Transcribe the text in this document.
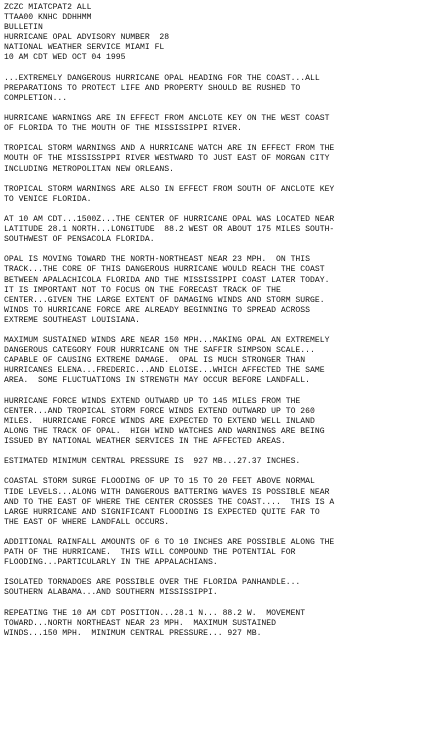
ZCZC MIATCPAT2 ALL
TTAA00 KNHC DDHHMM
BULLETIN
HURRICANE OPAL ADVISORY NUMBER  28
NATIONAL WEATHER SERVICE MIAMI FL
10 AM CDT WED OCT 04 1995
...EXTREMELY DANGEROUS HURRICANE OPAL HEADING FOR THE COAST...ALL
PREPARATIONS TO PROTECT LIFE AND PROPERTY SHOULD BE RUSHED TO
COMPLETION...
HURRICANE WARNINGS ARE IN EFFECT FROM ANCLOTE KEY ON THE WEST COAST
OF FLORIDA TO THE MOUTH OF THE MISSISSIPPI RIVER.
TROPICAL STORM WARNINGS AND A HURRICANE WATCH ARE IN EFFECT FROM THE
MOUTH OF THE MISSISSIPPI RIVER WESTWARD TO JUST EAST OF MORGAN CITY
INCLUDING METROPOLITAN NEW ORLEANS.
TROPICAL STORM WARNINGS ARE ALSO IN EFFECT FROM SOUTH OF ANCLOTE KEY
TO VENICE FLORIDA.
AT 10 AM CDT...1500Z...THE CENTER OF HURRICANE OPAL WAS LOCATED NEAR
LATITUDE 28.1 NORTH...LONGITUDE  88.2 WEST OR ABOUT 175 MILES SOUTH-
SOUTHWEST OF PENSACOLA FLORIDA.
OPAL IS MOVING TOWARD THE NORTH-NORTHEAST NEAR 23 MPH.  ON THIS
TRACK...THE CORE OF THIS DANGEROUS HURRICANE WOULD REACH THE COAST
BETWEEN APALACHICOLA FLORIDA AND THE MISSISSIPPI COAST LATER TODAY.
IT IS IMPORTANT NOT TO FOCUS ON THE FORECAST TRACK OF THE
CENTER...GIVEN THE LARGE EXTENT OF DAMAGING WINDS AND STORM SURGE.
WINDS TO HURRICANE FORCE ARE ALREADY BEGINNING TO SPREAD ACROSS
EXTREME SOUTHEAST LOUISIANA.
MAXIMUM SUSTAINED WINDS ARE NEAR 150 MPH...MAKING OPAL AN EXTREMELY
DANGEROUS CATEGORY FOUR HURRICANE ON THE SAFFIR SIMPSON SCALE...
CAPABLE OF CAUSING EXTREME DAMAGE.  OPAL IS MUCH STRONGER THAN
HURRICANES ELENA...FREDERIC...AND ELOISE...WHICH AFFECTED THE SAME
AREA.  SOME FLUCTUATIONS IN STRENGTH MAY OCCUR BEFORE LANDFALL.
HURRICANE FORCE WINDS EXTEND OUTWARD UP TO 145 MILES FROM THE
CENTER...AND TROPICAL STORM FORCE WINDS EXTEND OUTWARD UP TO 260
MILES.  HURRICANE FORCE WINDS ARE EXPECTED TO EXTEND WELL INLAND
ALONG THE TRACK OF OPAL.  HIGH WIND WATCHES AND WARNINGS ARE BEING
ISSUED BY NATIONAL WEATHER SERVICES IN THE AFFECTED AREAS.
ESTIMATED MINIMUM CENTRAL PRESSURE IS  927 MB...27.37 INCHES.
COASTAL STORM SURGE FLOODING OF UP TO 15 TO 20 FEET ABOVE NORMAL
TIDE LEVELS...ALONG WITH DANGEROUS BATTERING WAVES IS POSSIBLE NEAR
AND TO THE EAST OF WHERE THE CENTER CROSSES THE COAST....  THIS IS A
LARGE HURRICANE AND SIGNIFICANT FLOODING IS EXPECTED QUITE FAR TO
THE EAST OF WHERE LANDFALL OCCURS.
ADDITIONAL RAINFALL AMOUNTS OF 6 TO 10 INCHES ARE POSSIBLE ALONG THE
PATH OF THE HURRICANE.  THIS WILL COMPOUND THE POTENTIAL FOR
FLOODING...PARTICULARLY IN THE APPALACHIANS.
ISOLATED TORNADOES ARE POSSIBLE OVER THE FLORIDA PANHANDLE...
SOUTHERN ALABAMA...AND SOUTHERN MISSISSIPPI.
REPEATING THE 10 AM CDT POSITION...28.1 N... 88.2 W.  MOVEMENT
TOWARD...NORTH NORTHEAST NEAR 23 MPH.  MAXIMUM SUSTAINED
WINDS...150 MPH.  MINIMUM CENTRAL PRESSURE... 927 MB.
